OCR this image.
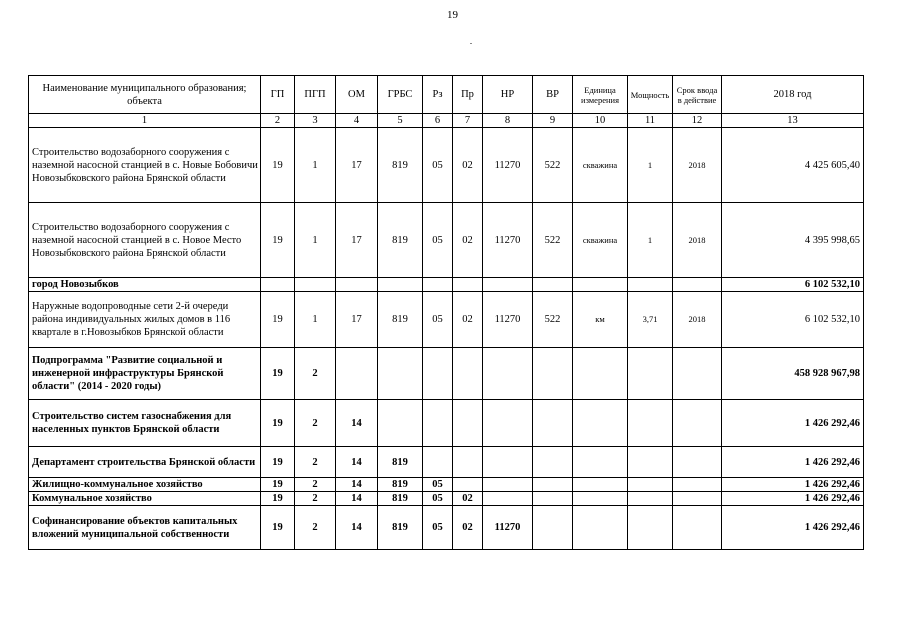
19
Наименование муниципального образования; объекта	ГП	ПГП	ОМ	ГРБС	Рз	Пр	НР	ВР	Единица измерения	Мощность	Срок ввода в действие	2018 год
1	2	3	4	5	6	7	8	9	10	11	12	13
Строительство водозаборного сооружения с наземной насосной станцией в с. Новые Бобовичи Новозыбковского района Брянской области	19	1	17	819	05	02	11270	522	скважина	1	2018	4 425 605,40
Строительство водозаборного сооружения с наземной насосной станцией в с. Новое Место Новозыбковского района Брянской области	19	1	17	819	05	02	11270	522	скважина	1	2018	4 395 998,65
город Новозыбков												6 102 532,10
Наружные водопроводные сети 2-й очереди района индивидуальных жилых домов в 116 квартале в г.Новозыбков Брянской области	19	1	17	819	05	02	11270	522	км	3,71	2018	6 102 532,10
Подпрограмма "Развитие социальной и инженерной инфраструктуры Брянской области" (2014 - 2020 годы)	19	2										458 928 967,98
Строительство систем газоснабжения для населенных пунктов Брянской области	19	2	14									1 426 292,46
Департамент строительства Брянской области	19	2	14	819								1 426 292,46
Жилищно-коммунальное хозяйство	19	2	14	819	05							1 426 292,46
Коммунальное хозяйство	19	2	14	819	05	02						1 426 292,46
Софинансирование объектов капитальных вложений муниципальной собственности	19	2	14	819	05	02	11270					1 426 292,46
